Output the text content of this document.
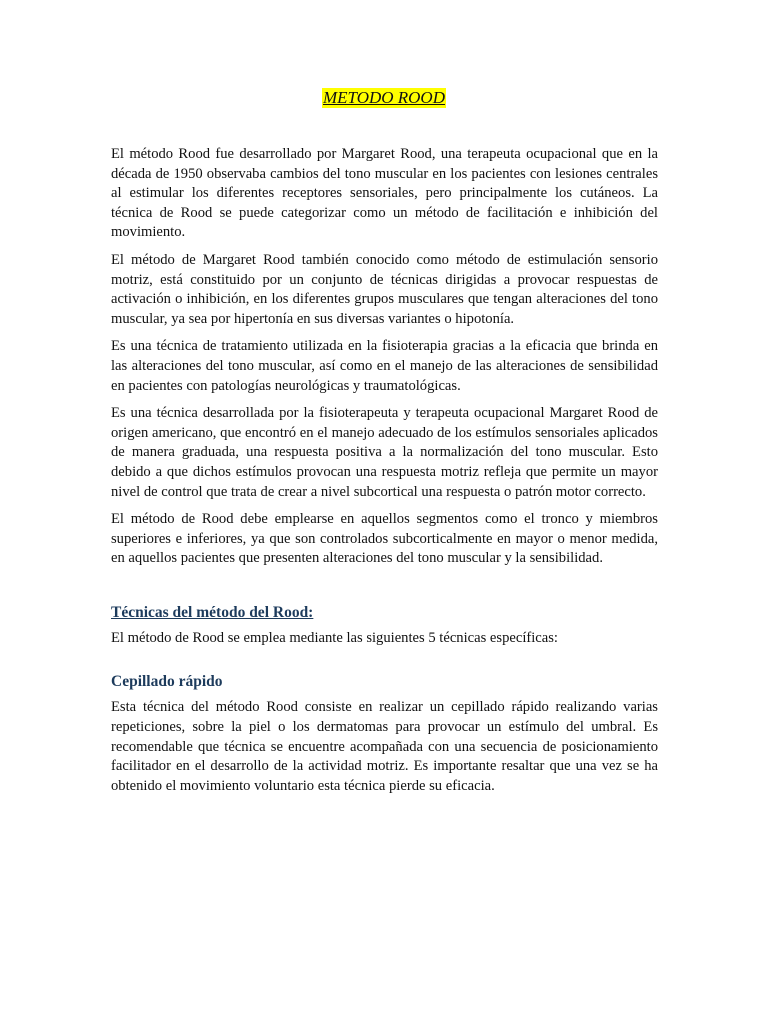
METODO ROOD

El método Rood fue desarrollado por Margaret Rood, una terapeuta ocupacional que en la década de 1950 observaba cambios del tono muscular en los pacientes con lesiones centrales al estimular los diferentes receptores sensoriales, pero principalmente los cutáneos. La técnica de Rood se puede categorizar como un método de facilitación e inhibición del movimiento.

El método de Margaret Rood también conocido como método de estimulación sensorio motriz, está constituido por un conjunto de técnicas dirigidas a provocar respuestas de activación o inhibición, en los diferentes grupos musculares que tengan alteraciones del tono muscular, ya sea por hipertonía en sus diversas variantes o hipotonía.

Es una técnica de tratamiento utilizada en la fisioterapia gracias a la eficacia que brinda en las alteraciones del tono muscular, así como en el manejo de las alteraciones de sensibilidad en pacientes con patologías neurológicas y traumatológicas.

Es una técnica desarrollada por la fisioterapeuta y terapeuta ocupacional Margaret Rood de origen americano, que encontró en el manejo adecuado de los estímulos sensoriales aplicados de manera graduada, una respuesta positiva a la normalización del tono muscular. Esto debido a que dichos estímulos provocan una respuesta motriz refleja que permite un mayor nivel de control que trata de crear a nivel subcortical una respuesta o patrón motor correcto.

El método de Rood debe emplearse en aquellos segmentos como el tronco y miembros superiores e inferiores, ya que son controlados subcorticalmente en mayor o menor medida, en aquellos pacientes que presenten alteraciones del tono muscular y la sensibilidad.

Técnicas del método del Rood:

El método de Rood se emplea mediante las siguientes 5 técnicas específicas:

Cepillado rápido

Esta técnica del método Rood consiste en realizar un cepillado rápido realizando varias repeticiones, sobre la piel o los dermatomas para provocar un estímulo del umbral. Es recomendable que técnica se encuentre acompañada con una secuencia de posicionamiento facilitador en el desarrollo de la actividad motriz. Es importante resaltar que una vez se ha obtenido el movimiento voluntario esta técnica pierde su eficacia.
